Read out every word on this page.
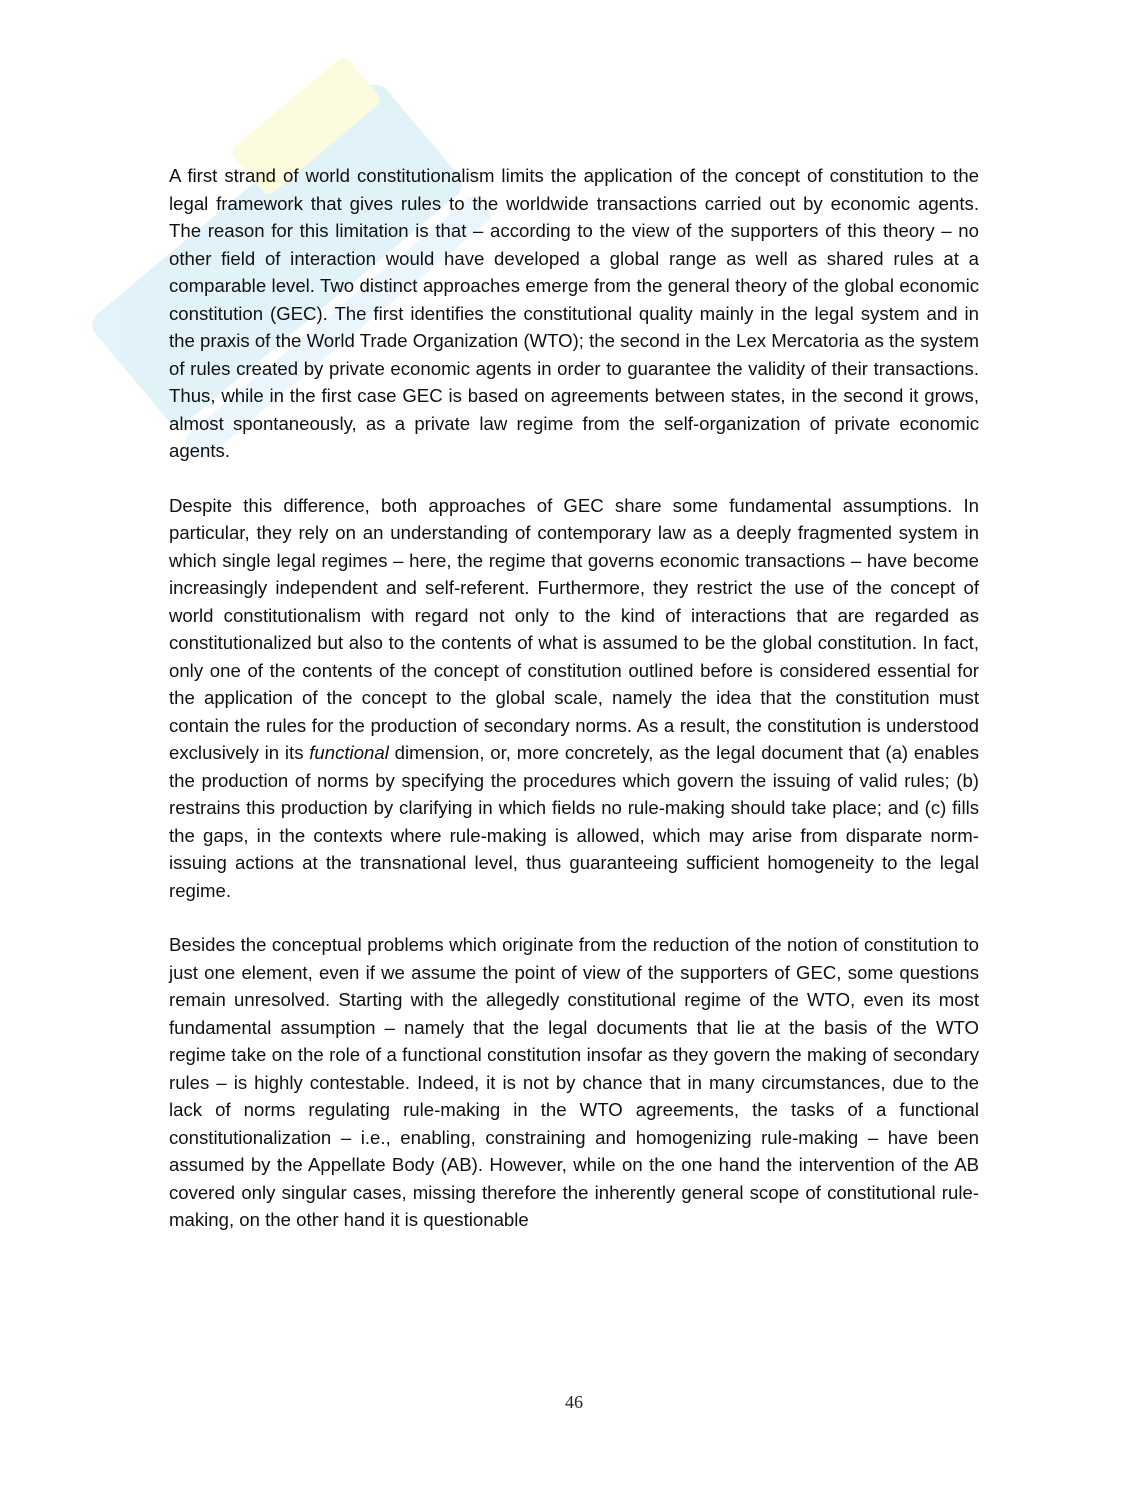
A first strand of world constitutionalism limits the application of the concept of constitution to the legal framework that gives rules to the worldwide transactions carried out by economic agents. The reason for this limitation is that – according to the view of the supporters of this theory – no other field of interaction would have developed a global range as well as shared rules at a comparable level. Two distinct approaches emerge from the general theory of the global economic constitution (GEC). The first identifies the constitutional quality mainly in the legal system and in the praxis of the World Trade Organization (WTO); the second in the Lex Mercatoria as the system of rules created by private economic agents in order to guarantee the validity of their transactions. Thus, while in the first case GEC is based on agreements between states, in the second it grows, almost spontaneously, as a private law regime from the self-organization of private economic agents.

Despite this difference, both approaches of GEC share some fundamental assumptions. In particular, they rely on an understanding of contemporary law as a deeply fragmented system in which single legal regimes – here, the regime that governs economic transactions – have become increasingly independent and self-referent. Furthermore, they restrict the use of the concept of world constitutionalism with regard not only to the kind of interactions that are regarded as constitutionalized but also to the contents of what is assumed to be the global constitution. In fact, only one of the contents of the concept of constitution outlined before is considered essential for the application of the concept to the global scale, namely the idea that the constitution must contain the rules for the production of secondary norms. As a result, the constitution is understood exclusively in its functional dimension, or, more concretely, as the legal document that (a) enables the production of norms by specifying the procedures which govern the issuing of valid rules; (b) restrains this production by clarifying in which fields no rule-making should take place; and (c) fills the gaps, in the contexts where rule-making is allowed, which may arise from disparate norm-issuing actions at the transnational level, thus guaranteeing sufficient homogeneity to the legal regime.

Besides the conceptual problems which originate from the reduction of the notion of constitution to just one element, even if we assume the point of view of the supporters of GEC, some questions remain unresolved. Starting with the allegedly constitutional regime of the WTO, even its most fundamental assumption – namely that the legal documents that lie at the basis of the WTO regime take on the role of a functional constitution insofar as they govern the making of secondary rules – is highly contestable. Indeed, it is not by chance that in many circumstances, due to the lack of norms regulating rule-making in the WTO agreements, the tasks of a functional constitutionalization – i.e., enabling, constraining and homogenizing rule-making – have been assumed by the Appellate Body (AB). However, while on the one hand the intervention of the AB covered only singular cases, missing therefore the inherently general scope of constitutional rule-making, on the other hand it is questionable

46
